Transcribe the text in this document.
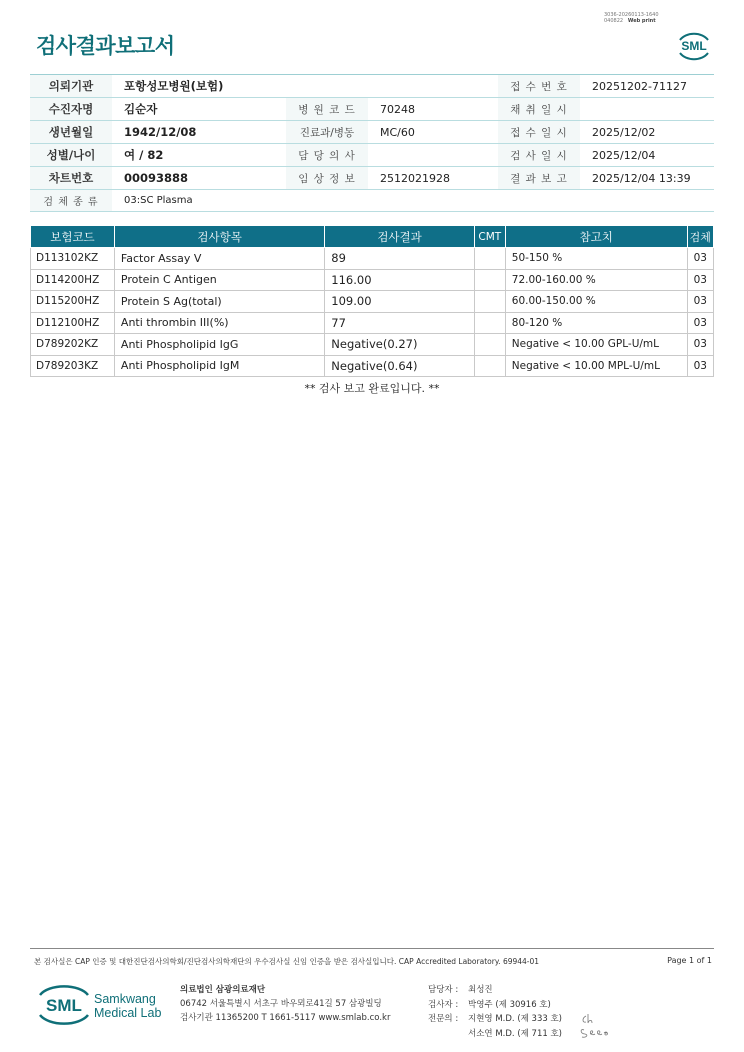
검사결과보고서
3036-20260113-1640
040822 Web print
SML
의뢰기관	포항성모병원(보험)			접 수 번 호	20251202-71127
수진자명	김순자	병 원 코 드	70248	채 취 일 시	
생년월일	1942/12/08	진료과/병동	MC/60	접 수 일 시	2025/12/02
성별/나이	여 / 82	담 당 의 사		검 사 일 시	2025/12/04
차트번호	00093888	임 상 정 보	2512021928	결 과 보 고	2025/12/04 13:39
검 체 종 류	03:SC Plasma				
보험코드	검사항목	검사결과	CMT	참고치	검체
D113102KZ	Factor Assay V	89		50-150 %	03
D114200HZ	Protein C Antigen	116.00		72.00-160.00 %	03
D115200HZ	Protein S Ag(total)	109.00		60.00-150.00 %	03
D112100HZ	Anti thrombin III(%)	77		80-120 %	03
D789202KZ	Anti Phospholipid IgG	Negative(0.27)		Negative < 10.00 GPL-U/mL	03
D789203KZ	Anti Phospholipid IgM	Negative(0.64)		Negative < 10.00 MPL-U/mL	03
** 검사 보고 완료입니다. **
본 검사실은 CAP 인증 및 대한진단검사의학회/진단검사의학재단의 우수검사실 신임 인증을 받은 검사실입니다. CAP Accredited Laboratory. 69944-01	Page 1 of 1
SML Samkwang
Medical Lab
의료법인 삼광의료재단
06742 서울특별시 서초구 바우뫼로41길 57 삼광빌딩
검사기관 11365200 T 1661-5117 www.smlab.co.kr
담당자 :	최성진
검사자 :	박영주 (제 30916 호)
전문의 :	지현영 M.D. (제 333 호)
서소연 M.D. (제 711 호)
